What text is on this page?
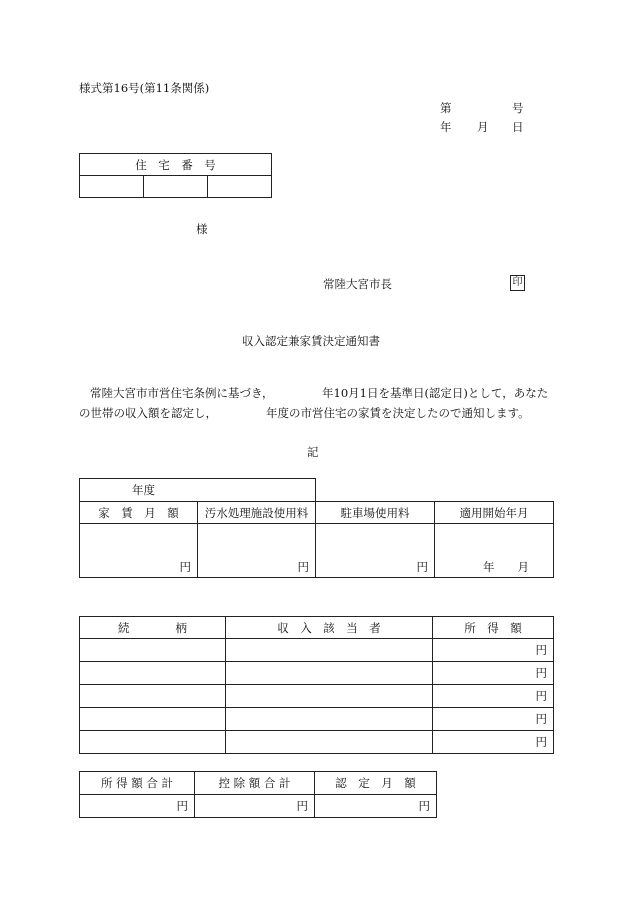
様式第16号(第11条関係)
第	号
年 月 日
住　宅　番　号

様
常陸大宮市長	印
収入認定兼家賃決定通知書
常陸大宮市市営住宅条例に基づき，	年10月1日を基準日(認定日)として，あなた
の世帯の収入額を認定し，	年度の市営住宅の家賃を決定したので通知します。
記
年度			
家　賃　月　額	汚水処理施設使用料	駐車場使用料	適用開始年月
円	円	円	年　　月
続　　　　柄	収　入　該　当　者	所　得　額
		円
		円
		円
		円
		円
所 得 額 合 計	控 除 額 合 計	認　定　月　額
円	円	円
